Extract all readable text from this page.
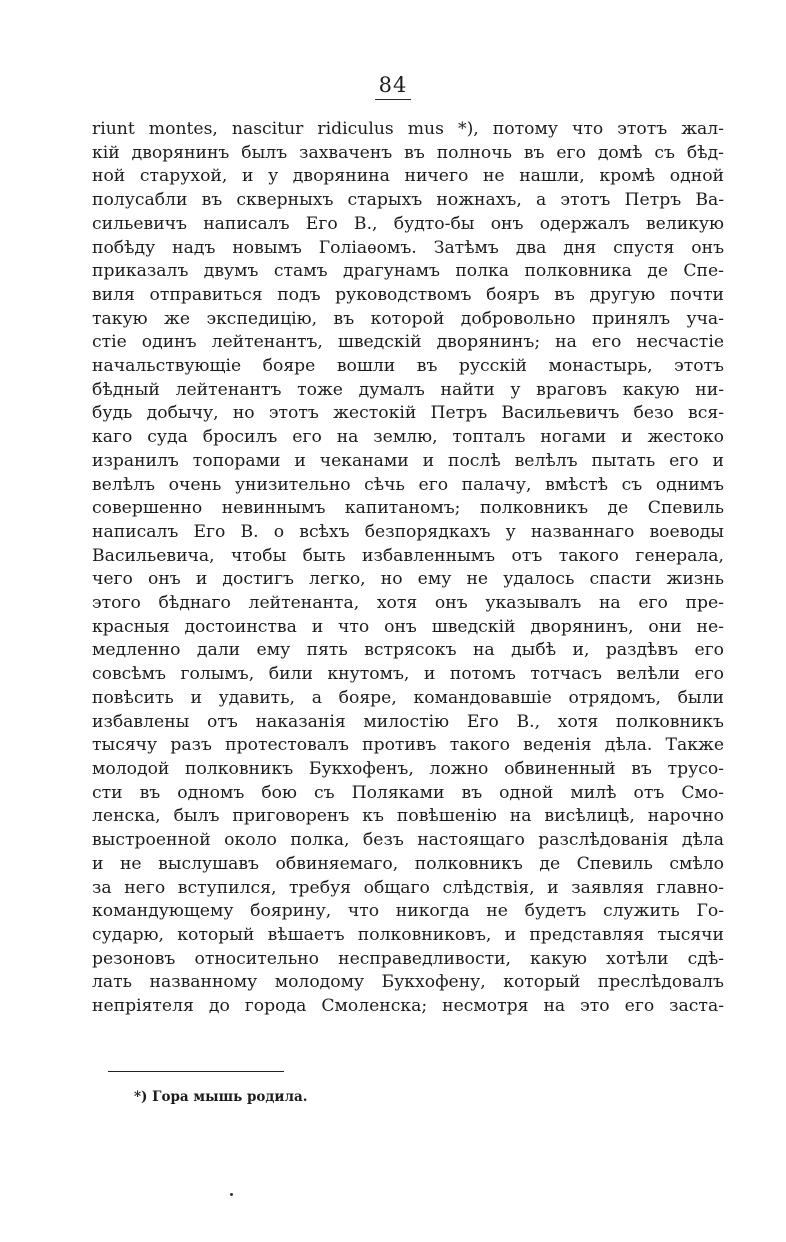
84
riunt montes, nascitur ridiculus mus *), потому что этотъ жал-
кій дворянинъ былъ захваченъ въ полночь въ его домѣ съ бѣд-
ной старухой, и у дворянина ничего не нашли, кромѣ одной
полусабли въ скверныхъ старыхъ ножнахъ, а этотъ Петръ Ва-
сильевичъ написалъ Его В., будто-бы онъ одержалъ великую
побѣду надъ новымъ Голіаѳомъ. Затѣмъ два дня спустя онъ
приказалъ двумъ стамъ драгунамъ полка полковника де Спе-
виля отправиться подъ руководствомъ бояръ въ другую почти
такую же экспедицію, въ которой добровольно принялъ уча-
стіе одинъ лейтенантъ, шведскій дворянинъ; на его несчастіе
начальствующіе бояре вошли въ русскій монастырь, этотъ
бѣдный лейтенантъ тоже думалъ найти у враговъ какую ни-
будь добычу, но этотъ жестокій Петръ Васильевичъ безо вся-
каго суда бросилъ его на землю, топталъ ногами и жестоко
изранилъ топорами и чеканами и послѣ велѣлъ пытать его и
велѣлъ очень унизительно сѣчь его палачу, вмѣстѣ съ однимъ
совершенно невиннымъ капитаномъ; полковникъ де Спевиль
написалъ Его В. о всѣхъ безпорядкахъ у названнаго воеводы
Васильевича, чтобы быть избавленнымъ отъ такого генерала,
чего онъ и достигъ легко, но ему не удалось спасти жизнь
этого бѣднаго лейтенанта, хотя онъ указывалъ на его пре-
красныя достоинства и что онъ шведскій дворянинъ, они не-
медленно дали ему пять встрясокъ на дыбѣ и, раздѣвъ его
совсѣмъ голымъ, били кнутомъ, и потомъ тотчасъ велѣли его
повѣсить и удавить, а бояре, командовавшіе отрядомъ, были
избавлены отъ наказанія милостію Его В., хотя полковникъ
тысячу разъ протестовалъ противъ такого веденія дѣла. Также
молодой полковникъ Букхофенъ, ложно обвиненный въ трусо-
сти въ одномъ бою съ Поляками въ одной милѣ отъ Смо-
ленска, былъ приговоренъ къ повѣшенію на висѣлицѣ, нарочно
выстроенной около полка, безъ настоящаго разслѣдованія дѣла
и не выслушавъ обвиняемаго, полковникъ де Спевиль смѣло
за него вступился, требуя общаго слѣдствія, и заявляя главно-
командующему боярину, что никогда не будетъ служить Го-
сударю, который вѣшаетъ полковниковъ, и представляя тысячи
резоновъ относительно несправедливости, какую хотѣли сдѣ-
лать названному молодому Букхофену, который преслѣдовалъ
непріятеля до города Смоленска; несмотря на это его заста-
*) Гора мышь родила.
